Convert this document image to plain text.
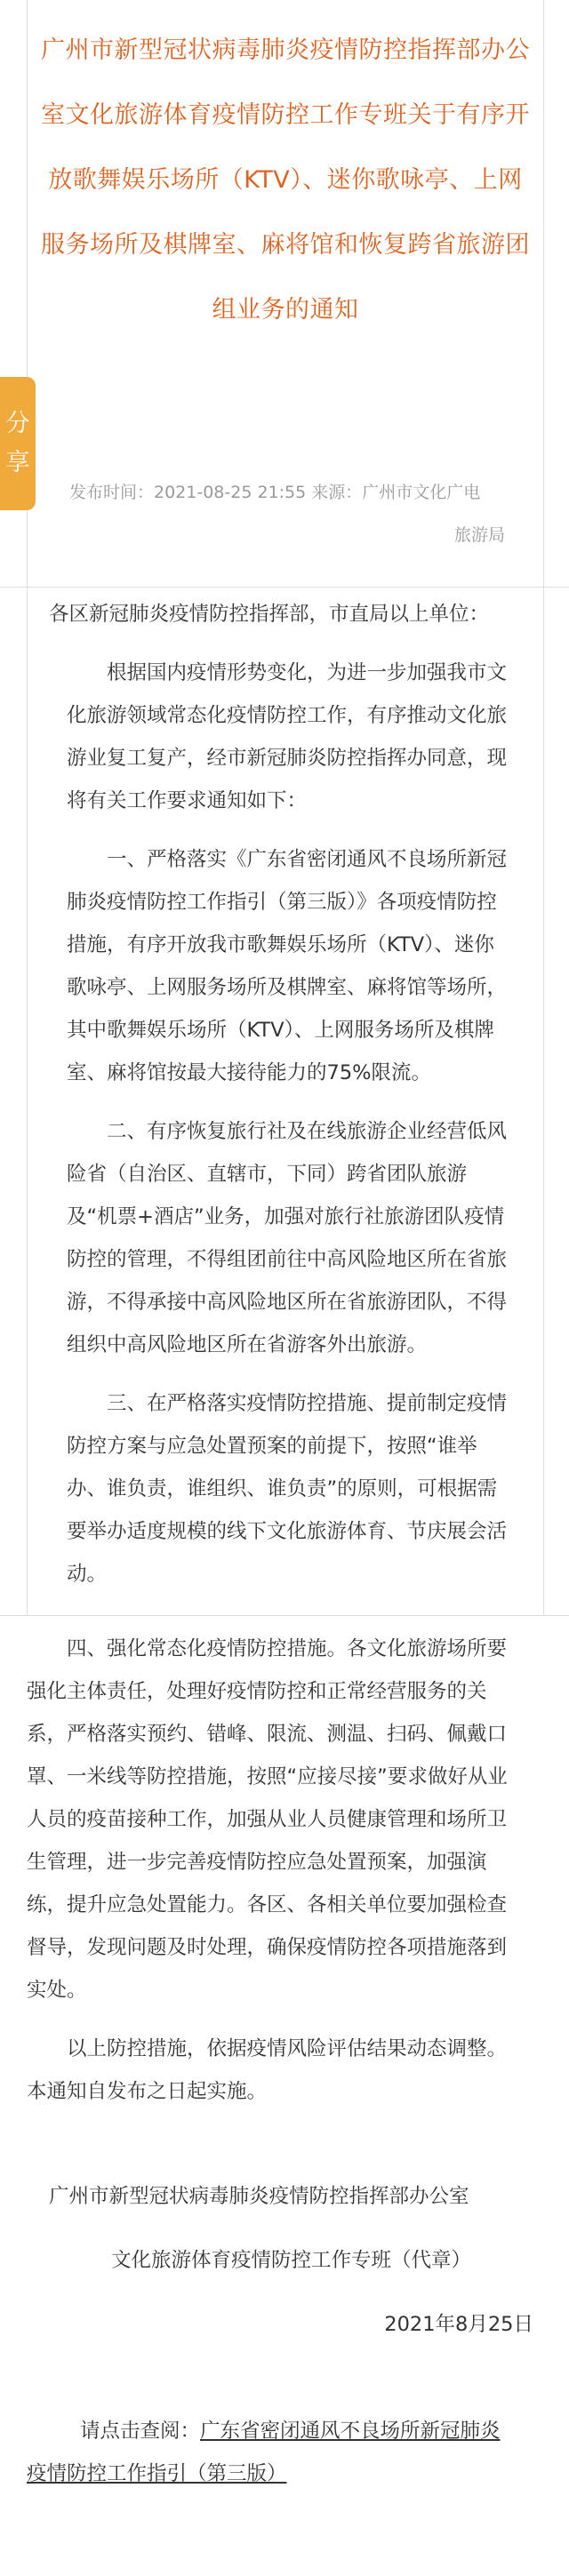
广州市新型冠状病毒肺炎疫情防控指挥部办公室文化旅游体育疫情防控工作专班关于有序开放歌舞娱乐场所（KTV）、迷你歌咏亭、上网服务场所及棋牌室、麻将馆和恢复跨省旅游团组业务的通知
发布时间：2021-08-25 21:55 来源：广州市文化广电
旅游局
分
享

各区新冠肺炎疫情防控指挥部，市直局以上单位：

根据国内疫情形势变化，为进一步加强我市文化旅游领域常态化疫情防控工作，有序推动文化旅游业复工复产，经市新冠肺炎防控指挥办同意，现将有关工作要求通知如下：

一、严格落实《广东省密闭通风不良场所新冠肺炎疫情防控工作指引（第三版）》各项疫情防控措施，有序开放我市歌舞娱乐场所（KTV）、迷你歌咏亭、上网服务场所及棋牌室、麻将馆等场所，其中歌舞娱乐场所（KTV）、上网服务场所及棋牌室、麻将馆按最大接待能力的75%限流。

四、强化常态化疫情防控措施。各文化旅游场所要强化主体责任，处理好疫情防控和正常经营服务的关系，严格落实预约、错峰、限流、测温、扫码、佩戴口罩、一米线等防控措施，按照“应接尽接”要求做好从业人员的疫苗接种工作，加强从业人员健康管理和场所卫生管理，进一步完善疫情防控应急处置预案，加强演练，提升应急处置能力。各区、各相关单位要加强检查督导，发现问题及时处理，确保疫情防控各项措施落到实处。

以上防控措施，依据疫情风险评估结果动态调整。本通知自发布之日起实施。

广州市新型冠状病毒肺炎疫情防控指挥部办公室

文化旅游体育疫情防控工作专班（代章）

2021年8月25日

请点击查阅：广东省密闭通风不良场所新冠肺炎疫情防控工作指引（第三版）

二、有序恢复旅行社及在线旅游企业经营低风险省（自治区、直辖市，下同）跨省团队旅游及“机票+酒店”业务，加强对旅行社旅游团队疫情防控的管理，不得组团前往中高风险地区所在省旅游，不得承接中高风险地区所在省旅游团队，不得组织中高风险地区所在省游客外出旅游。

三、在严格落实疫情防控措施、提前制定疫情防控方案与应急处置预案的前提下，按照“谁举办、谁负责，谁组织、谁负责”的原则，可根据需要举办适度规模的线下文化旅游体育、节庆展会活动。
